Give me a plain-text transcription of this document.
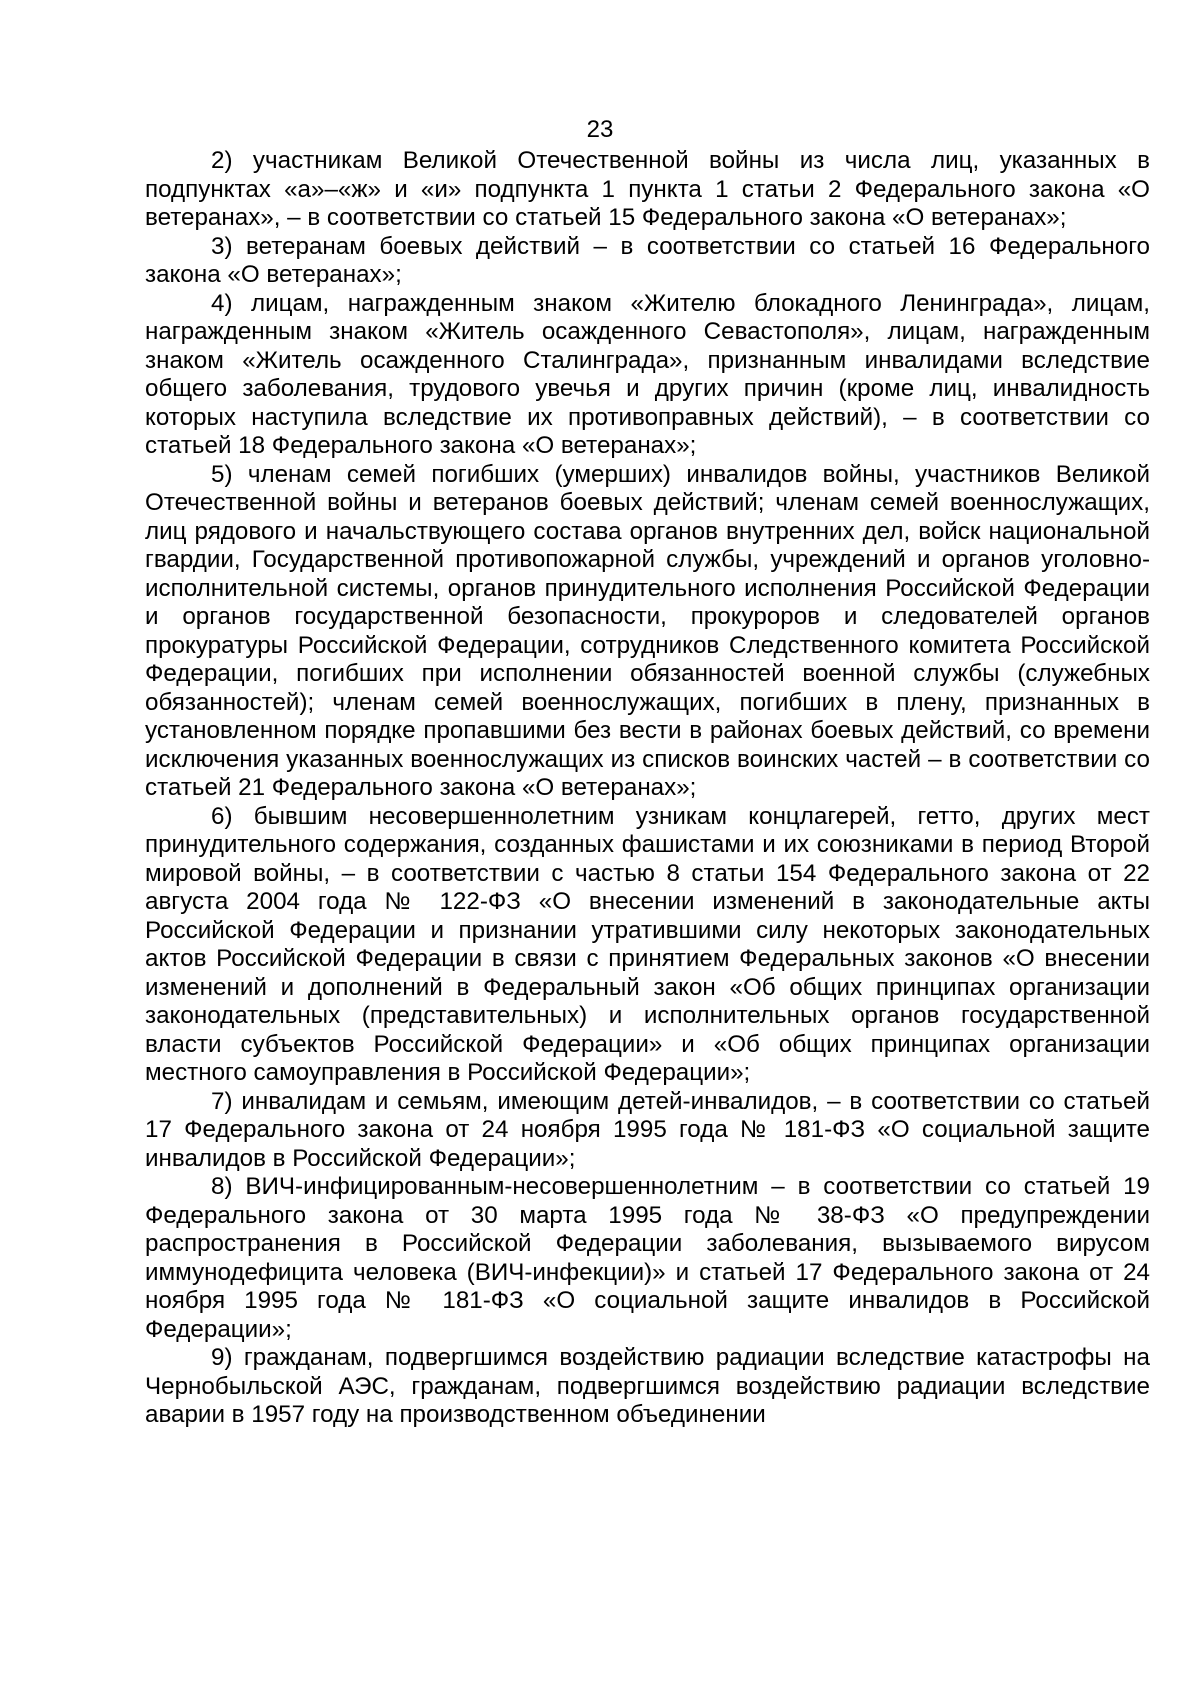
23

2) участникам Великой Отечественной войны из числа лиц, указанных в подпунктах «а»–«ж» и «и» подпункта 1 пункта 1 статьи 2 Федерального закона «О ветеранах», – в соответствии со статьей 15 Федерального закона «О ветеранах»;

3) ветеранам боевых действий – в соответствии со статьей 16 Федерального закона «О ветеранах»;

4) лицам, награжденным знаком «Жителю блокадного Ленинграда», лицам, награжденным знаком «Житель осажденного Севастополя», лицам, награжденным знаком «Житель осажденного Сталинграда», признанным инвалидами вследствие общего заболевания, трудового увечья и других причин (кроме лиц, инвалидность которых наступила вследствие их противоправных действий), – в соответствии со статьей 18 Федерального закона «О ветеранах»;

5) членам семей погибших (умерших) инвалидов войны, участников Великой Отечественной войны и ветеранов боевых действий; членам семей военнослужащих, лиц рядового и начальствующего состава органов внутренних дел, войск национальной гвардии, Государственной противопожарной службы, учреждений и органов уголовно-исполнительной системы, органов принудительного исполнения Российской Федерации и органов государственной безопасности, прокуроров и следователей органов прокуратуры Российской Федерации, сотрудников Следственного комитета Российской Федерации, погибших при исполнении обязанностей военной службы (служебных обязанностей); членам семей военнослужащих, погибших в плену, признанных в установленном порядке пропавшими без вести в районах боевых действий, со времени исключения указанных военнослужащих из списков воинских частей – в соответствии со статьей 21 Федерального закона «О ветеранах»;

6) бывшим несовершеннолетним узникам концлагерей, гетто, других мест принудительного содержания, созданных фашистами и их союзниками в период Второй мировой войны, – в соответствии с частью 8 статьи 154 Федерального закона от 22 августа 2004 года № 122-ФЗ «О внесении изменений в законодательные акты Российской Федерации и признании утратившими силу некоторых законодательных актов Российской Федерации в связи с принятием Федеральных законов «О внесении изменений и дополнений в Федеральный закон «Об общих принципах организации законодательных (представительных) и исполнительных органов государственной власти субъектов Российской Федерации» и «Об общих принципах организации местного самоуправления в Российской Федерации»;

7) инвалидам и семьям, имеющим детей-инвалидов, – в соответствии со статьей 17 Федерального закона от 24 ноября 1995 года № 181-ФЗ «О социальной защите инвалидов в Российской Федерации»;

8) ВИЧ-инфицированным-несовершеннолетним – в соответствии со статьей 19 Федерального закона от 30 марта 1995 года № 38-ФЗ «О предупреждении распространения в Российской Федерации заболевания, вызываемого вирусом иммунодефицита человека (ВИЧ-инфекции)» и статьей 17 Федерального закона от 24 ноября 1995 года № 181-ФЗ «О социальной защите инвалидов в Российской Федерации»;

9) гражданам, подвергшимся воздействию радиации вследствие катастрофы на Чернобыльской АЭС, гражданам, подвергшимся воздействию радиации вследствие аварии в 1957 году на производственном объединении
